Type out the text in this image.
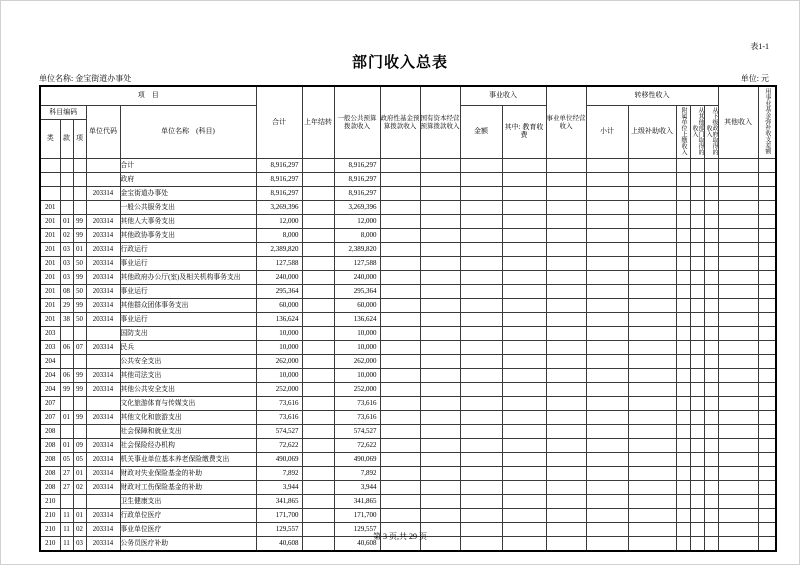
表1-1
部门收入总表
单位名称: 金宝街道办事处	单位: 元
项　目					合计	上年结转	一般公共预算拨款收入	政府性基金预算拨款收入	国有资本经营预算拨款收入	事业收入		事业单位经营收入	转移性收入					其他收入	用事业基金弥补收支差额
科目编码			单位代码	单位名称　(科目)						金额	其中: 教育收费		小计	上级补助收入	附属单位上缴收入	从其他部门取得的收入	从下级政府取得的收入		
类	款	项																	
				合计	8,916,297		8,916,297												
				政府	8,916,297		8,916,297												
			203314	金宝街道办事处	8,916,297		8,916,297												
201				一般公共服务支出	3,269,396		3,269,396												
201	01	99	203314	其他人大事务支出	12,000		12,000												
201	02	99	203314	其他政协事务支出	8,000		8,000												
201	03	01	203314	行政运行	2,389,820		2,389,820												
201	03	50	203314	事业运行	127,588		127,588												
201	03	99	203314	其他政府办公厅(室)及相关机构事务支出	240,000		240,000												
201	08	50	203314	事业运行	295,364		295,364												
201	29	99	203314	其他群众团体事务支出	60,000		60,000												
201	38	50	203314	事业运行	136,624		136,624												
203				国防支出	10,000		10,000												
203	06	07	203314	民兵	10,000		10,000												
204				公共安全支出	262,000		262,000												
204	06	99	203314	其他司法支出	10,000		10,000												
204	99	99	203314	其他公共安全支出	252,000		252,000												
207				文化旅游体育与传媒支出	73,616		73,616												
207	01	99	203314	其他文化和旅游支出	73,616		73,616												
208				社会保障和就业支出	574,527		574,527												
208	01	09	203314	社会保险经办机构	72,622		72,622												
208	05	05	203314	机关事业单位基本养老保险缴费支出	490,069		490,069												
208	27	01	203314	财政对失业保险基金的补助	7,892		7,892												
208	27	02	203314	财政对工伤保险基金的补助	3,944		3,944												
210				卫生健康支出	341,865		341,865												
210	11	01	203314	行政单位医疗	171,700		171,700												
210	11	02	203314	事业单位医疗	129,557		129,557												
210	11	03	203314	公务员医疗补助	40,608		40,608												
第 3 页,共 29 页
